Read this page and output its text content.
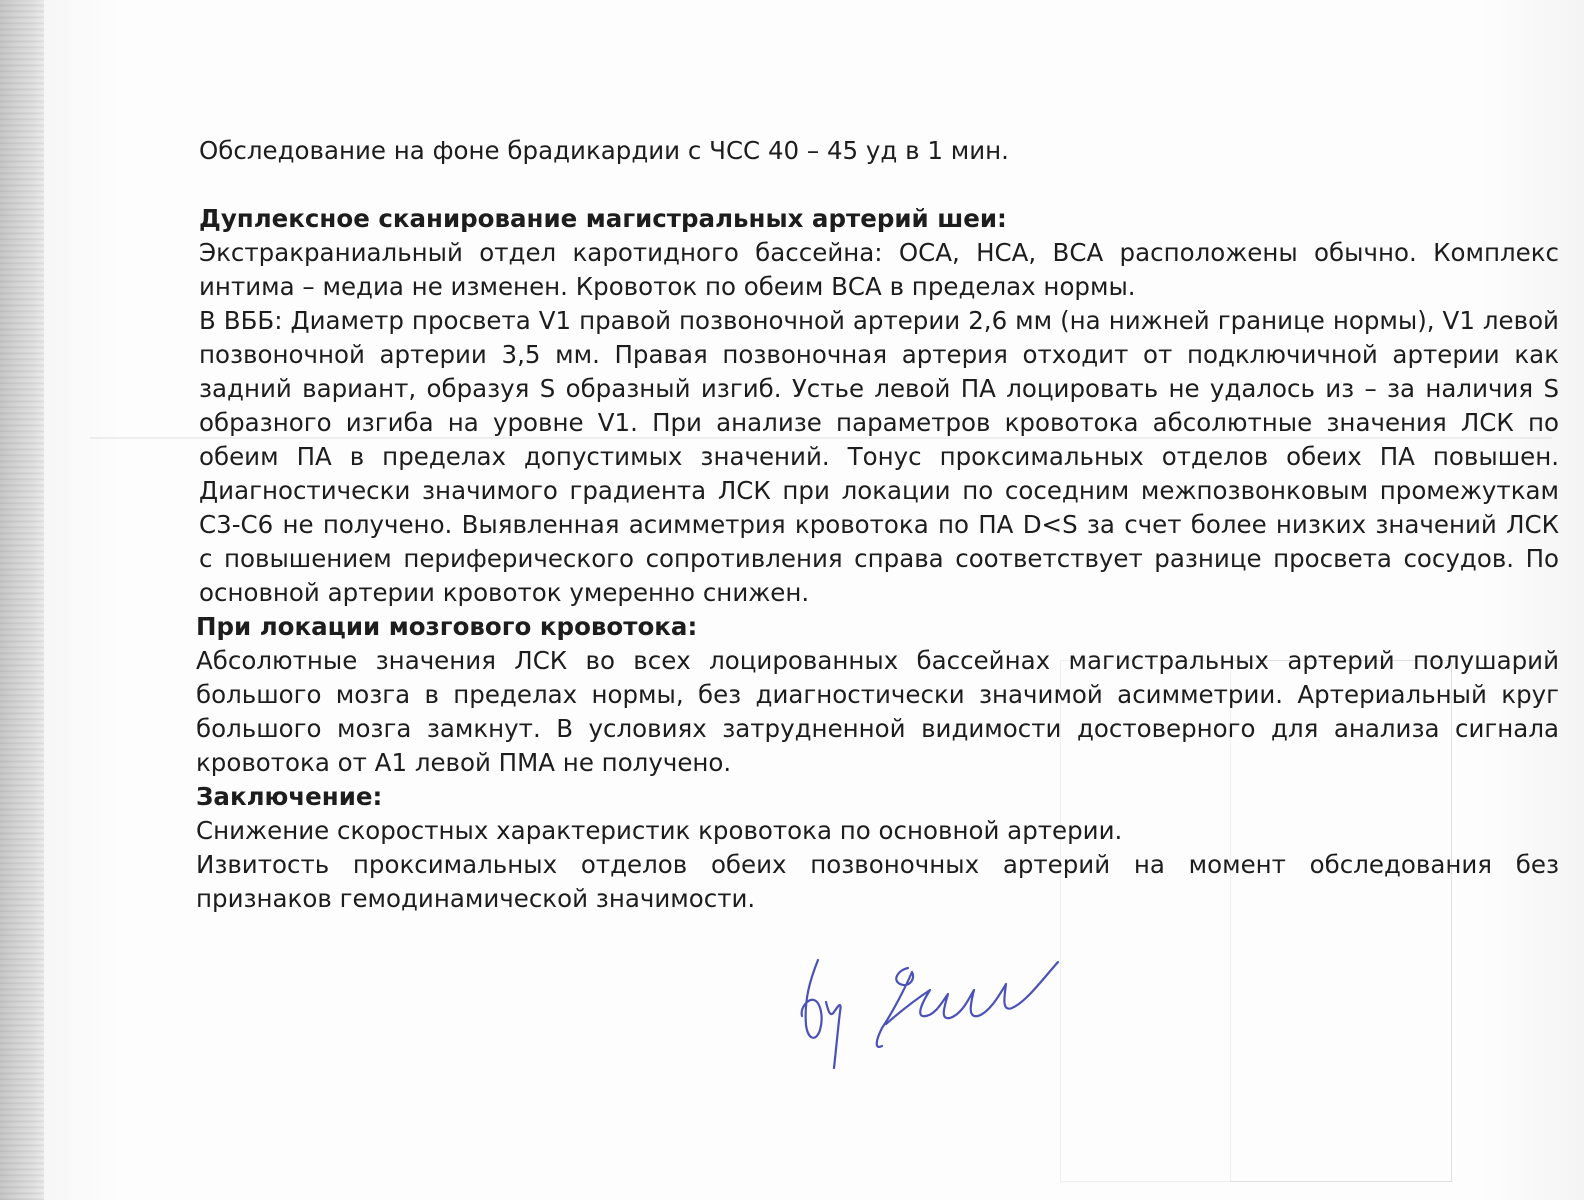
Обследование на фоне брадикардии с ЧСС 40 – 45 уд в 1 мин.

Дуплексное сканирование магистральных артерий шеи:

Экстракраниальный отдел каротидного бассейна: ОСА, НСА, ВСА расположены обычно. Комплекс интима – медиа не изменен. Кровоток по обеим ВСА в пределах нормы.

В ВББ: Диаметр просвета V1 правой позвоночной артерии 2,6 мм (на нижней границе нормы), V1 левой позвоночной артерии 3,5 мм. Правая позвоночная артерия отходит от подключичной артерии как задний вариант, образуя S образный изгиб. Устье левой ПА лоцировать не удалось из – за наличия S образного изгиба на уровне V1. При анализе параметров кровотока абсолютные значения ЛСК по обеим ПА в пределах допустимых значений. Тонус проксимальных отделов обеих ПА повышен. Диагностически значимого градиента ЛСК при локации по соседним межпозвонковым промежуткам С3-С6 не получено. Выявленная асимметрия кровотока по ПА D<S за счет более низких значений ЛСК с повышением периферического сопротивления справа соответствует разнице просвета сосудов. По основной артерии кровоток умеренно снижен.

При локации мозгового кровотока:

Абсолютные значения ЛСК во всех лоцированных бассейнах магистральных артерий полушарий большого мозга в пределах нормы, без диагностически значимой асимметрии. Артериальный круг большого мозга замкнут. В условиях затрудненной видимости достоверного для анализа сигнала кровотока от А1 левой ПМА не получено.

Заключение:

Снижение скоростных характеристик кровотока по основной артерии.

Извитость проксимальных отделов обеих позвоночных артерий на момент обследования без признаков гемодинамической значимости.
